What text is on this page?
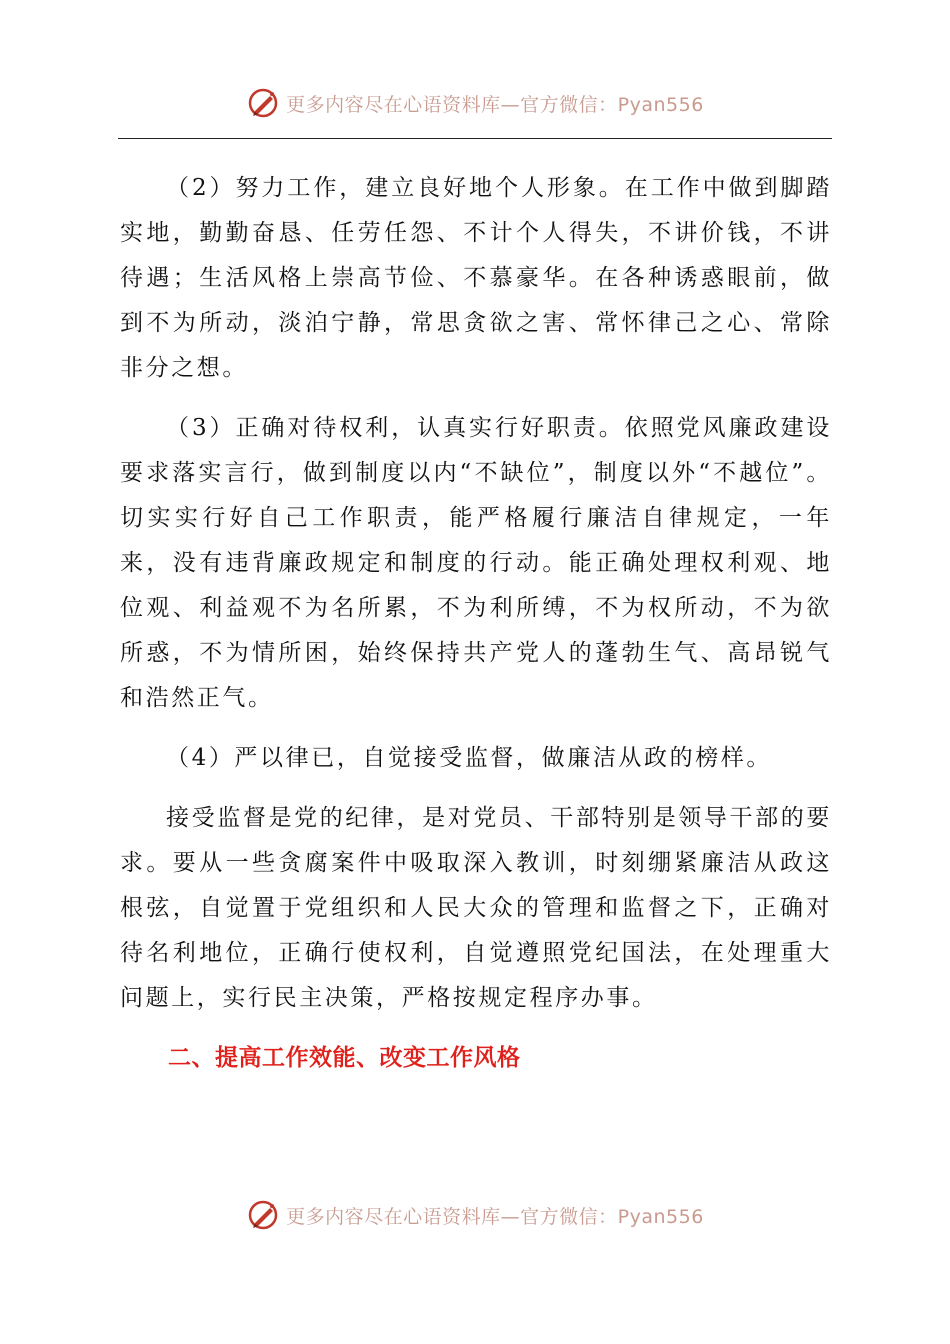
更多内容尽在心语资料库 —官方微信：Pyan556

（2）努力工作，建立良好地个人形象。在工作中做到脚踏实地，勤勤奋恳、任劳任怨、不计个人得失，不讲价钱，不讲待遇；生活风格上崇高节俭、不慕豪华。在各种诱惑眼前，做到不为所动，淡泊宁静，常思贪欲之害、常怀律己之心、常除非分之想。

（3）正确对待权利，认真实行好职责。依照党风廉政建设要求落实言行，做到制度以内“不缺位”，制度以外“不越位”。切实实行好自己工作职责，能严格履行廉洁自律规定，一年来，没有违背廉政规定和制度的行动。能正确处理权利观、地位观、利益观不为名所累，不为利所缚，不为权所动，不为欲所惑，不为情所困，始终保持共产党人的蓬勃生气、高昂锐气和浩然正气。

（4）严以律已，自觉接受监督，做廉洁从政的榜样。

接受监督是党的纪律，是对党员、干部特别是领导干部的要求。要从一些贪腐案件中吸取深入教训，时刻绷紧廉洁从政这根弦，自觉置于党组织和人民大众的管理和监督之下，正确对待名利地位，正确行使权利，自觉遵照党纪国法，在处理重大问题上，实行民主决策，严格按规定程序办事。

二、提高工作效能、改变工作风格
更多内容尽在心语资料库 —官方微信：Pyan556
